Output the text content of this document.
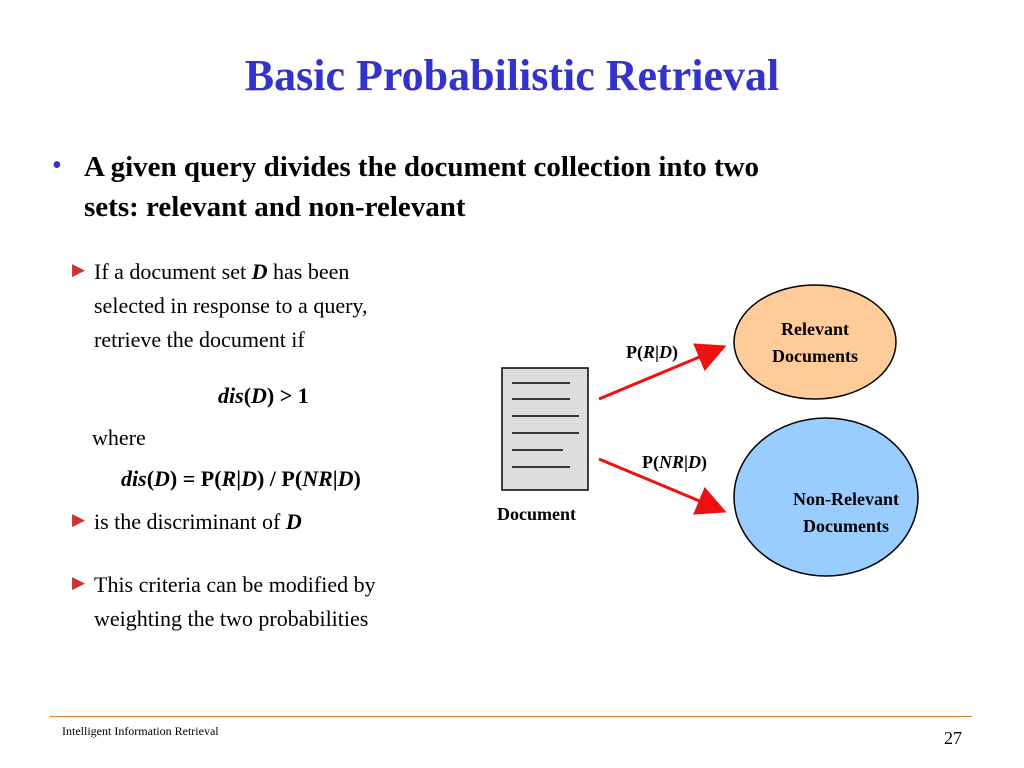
Basic Probabilistic Retrieval
• A given query divides the document collection into two
sets: relevant and non-relevant
▶ If a document set D has been
selected in response to a query,
retrieve the document if
dis(D) > 1
where
dis(D) = P(R|D) / P(NR|D)
▶ is the discriminant of D
▶ This criteria can be modified by
weighting the two probabilities
P(R|D)
P(NR|D)
Relevant
Documents
Non-Relevant
Documents
Document
Intelligent Information Retrieval	27
